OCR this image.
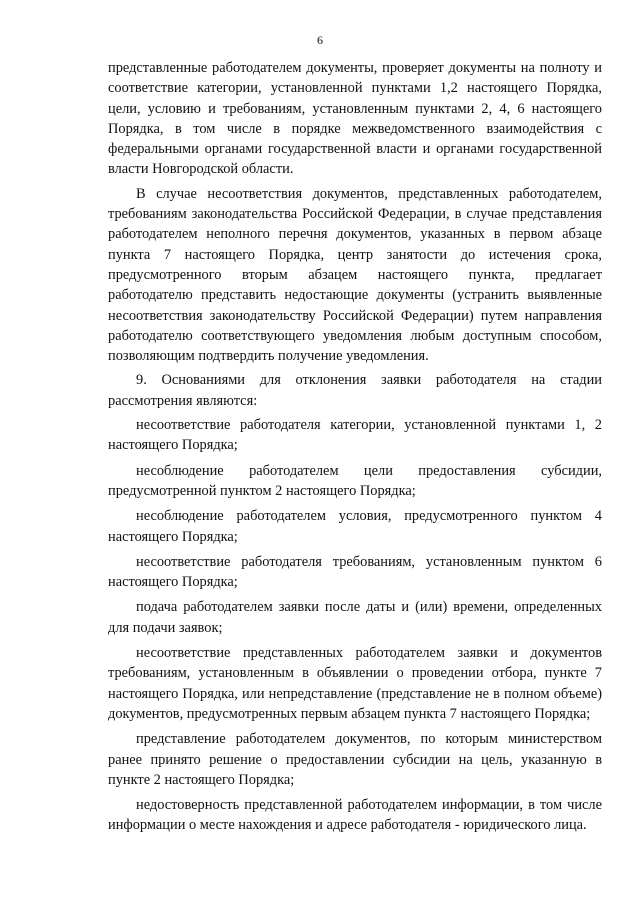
6

представленные работодателем документы, проверяет документы на полноту и соответствие категории, установленной пунктами 1,2 настоящего Порядка, цели, условию и требованиям, установленным пунктами 2, 4, 6 настоящего Порядка, в том числе в порядке межведомственного взаимодействия с федеральными органами государственной власти и органами государственной власти Новгородской области.

В случае несоответствия документов, представленных работодателем, требованиям законодательства Российской Федерации, в случае представления работодателем неполного перечня документов, указанных в первом абзаце пункта 7 настоящего Порядка, центр занятости до истечения срока, предусмотренного вторым абзацем настоящего пункта, предлагает работодателю представить недостающие документы (устранить выявленные несоответствия законодательству Российской Федерации) путем направления работодателю соответствующего уведомления любым доступным способом, позволяющим подтвердить получение уведомления.

9. Основаниями для отклонения заявки работодателя на стадии рассмотрения являются:

несоответствие работодателя категории, установленной пунктами 1, 2 настоящего Порядка;

несоблюдение работодателем цели предоставления субсидии, предусмотренной пунктом 2 настоящего Порядка;

несоблюдение работодателем условия, предусмотренного пунктом 4 настоящего Порядка;

несоответствие работодателя требованиям, установленным пунктом 6 настоящего Порядка;

подача работодателем заявки после даты и (или) времени, определенных для подачи заявок;

несоответствие представленных работодателем заявки и документов требованиям, установленным в объявлении о проведении отбора, пункте 7 настоящего Порядка, или непредставление (представление не в полном объеме) документов, предусмотренных первым абзацем пункта 7 настоящего Порядка;

представление работодателем документов, по которым министерством ранее принято решение о предоставлении субсидии на цель, указанную в пункте 2 настоящего Порядка;

недостоверность представленной работодателем информации, в том числе информации о месте нахождения и адресе работодателя - юридического лица.
